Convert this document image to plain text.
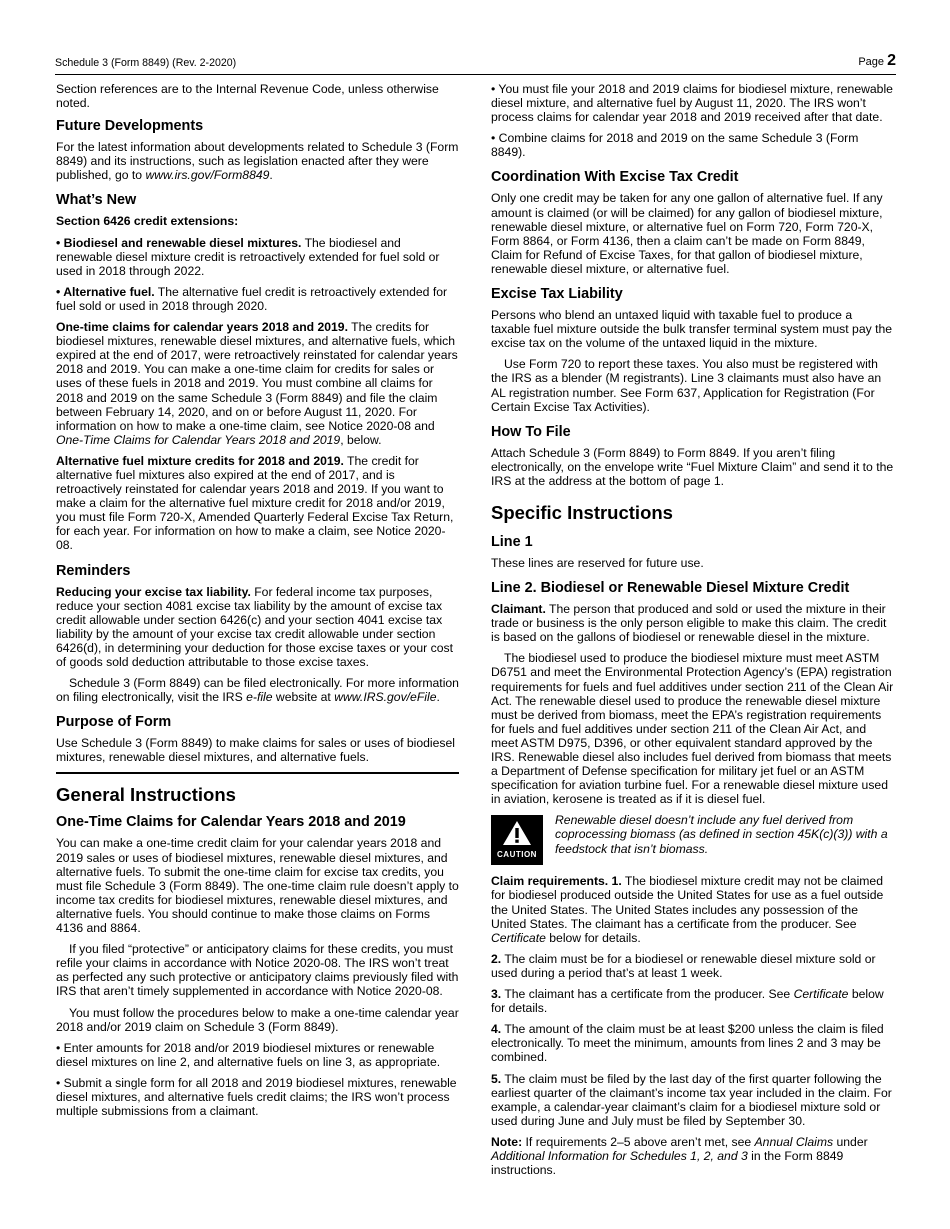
Schedule 3 (Form 8849) (Rev. 2-2020)	Page 2

Section references are to the Internal Revenue Code, unless otherwise noted.

Future Developments

For the latest information about developments related to Schedule 3 (Form 8849) and its instructions, such as legislation enacted after they were published, go to www.irs.gov/Form8849.

What’s New

Section 6426 credit extensions:

• Biodiesel and renewable diesel mixtures. The biodiesel and renewable diesel mixture credit is retroactively extended for fuel sold or used in 2018 through 2022.

• Alternative fuel. The alternative fuel credit is retroactively extended for fuel sold or used in 2018 through 2020.

One-time claims for calendar years 2018 and 2019. The credits for biodiesel mixtures, renewable diesel mixtures, and alternative fuels, which expired at the end of 2017, were retroactively reinstated for calendar years 2018 and 2019. You can make a one-time claim for credits for sales or uses of these fuels in 2018 and 2019. You must combine all claims for 2018 and 2019 on the same Schedule 3 (Form 8849) and file the claim between February 14, 2020, and on or before August 11, 2020. For information on how to make a one-time claim, see Notice 2020-08 and One-Time Claims for Calendar Years 2018 and 2019, below.

Alternative fuel mixture credits for 2018 and 2019. The credit for alternative fuel mixtures also expired at the end of 2017, and is retroactively reinstated for calendar years 2018 and 2019. If you want to make a claim for the alternative fuel mixture credit for 2018 and/or 2019, you must file Form 720-X, Amended Quarterly Federal Excise Tax Return, for each year. For information on how to make a claim, see Notice 2020-08.

Reminders

Reducing your excise tax liability. For federal income tax purposes, reduce your section 4081 excise tax liability by the amount of excise tax credit allowable under section 6426(c) and your section 4041 excise tax liability by the amount of your excise tax credit allowable under section 6426(d), in determining your deduction for those excise taxes or your cost of goods sold deduction attributable to those excise taxes.

Schedule 3 (Form 8849) can be filed electronically. For more information on filing electronically, visit the IRS e-file website at www.IRS.gov/eFile.

Purpose of Form

Use Schedule 3 (Form 8849) to make claims for sales or uses of biodiesel mixtures, renewable diesel mixtures, and alternative fuels.

General Instructions
One-Time Claims for Calendar Years 2018 and 2019

You can make a one-time credit claim for your calendar years 2018 and 2019 sales or uses of biodiesel mixtures, renewable diesel mixtures, and alternative fuels. To submit the one-time claim for excise tax credits, you must file Schedule 3 (Form 8849). The one-time claim rule doesn’t apply to income tax credits for biodiesel mixtures, renewable diesel mixtures, and alternative fuels. You should continue to make those claims on Forms 4136 and 8864.

If you filed “protective” or anticipatory claims for these credits, you must refile your claims in accordance with Notice 2020-08. The IRS won’t treat as perfected any such protective or anticipatory claims previously filed with IRS that aren’t timely supplemented in accordance with Notice 2020-08.

You must follow the procedures below to make a one-time calendar year 2018 and/or 2019 claim on Schedule 3 (Form 8849).

• Enter amounts for 2018 and/or 2019 biodiesel mixtures or renewable diesel mixtures on line 2, and alternative fuels on line 3, as appropriate.

• Submit a single form for all 2018 and 2019 biodiesel mixtures, renewable diesel mixtures, and alternative fuels credit claims; the IRS won’t process multiple submissions from a claimant.

• You must file your 2018 and 2019 claims for biodiesel mixture, renewable diesel mixture, and alternative fuel by August 11, 2020. The IRS won’t process claims for calendar year 2018 and 2019 received after that date.

• Combine claims for 2018 and 2019 on the same Schedule 3 (Form 8849).

Coordination With Excise Tax Credit

Only one credit may be taken for any one gallon of alternative fuel. If any amount is claimed (or will be claimed) for any gallon of biodiesel mixture, renewable diesel mixture, or alternative fuel on Form 720, Form 720-X, Form 8864, or Form 4136, then a claim can’t be made on Form 8849, Claim for Refund of Excise Taxes, for that gallon of biodiesel mixture, renewable diesel mixture, or alternative fuel.

Excise Tax Liability

Persons who blend an untaxed liquid with taxable fuel to produce a taxable fuel mixture outside the bulk transfer terminal system must pay the excise tax on the volume of the untaxed liquid in the mixture.

Use Form 720 to report these taxes. You also must be registered with the IRS as a blender (M registrants). Line 3 claimants must also have an AL registration number. See Form 637, Application for Registration (For Certain Excise Tax Activities).

How To File

Attach Schedule 3 (Form 8849) to Form 8849. If you aren’t filing electronically, on the envelope write “Fuel Mixture Claim” and send it to the IRS at the address at the bottom of page 1.

Specific Instructions
Line 1

These lines are reserved for future use.

Line 2. Biodiesel or Renewable Diesel Mixture Credit

Claimant. The person that produced and sold or used the mixture in their trade or business is the only person eligible to make this claim. The credit is based on the gallons of biodiesel or renewable diesel in the mixture.

The biodiesel used to produce the biodiesel mixture must meet ASTM D6751 and meet the Environmental Protection Agency’s (EPA) registration requirements for fuels and fuel additives under section 211 of the Clean Air Act. The renewable diesel used to produce the renewable diesel mixture must be derived from biomass, meet the EPA’s registration requirements for fuels and fuel additives under section 211 of the Clean Air Act, and meet ASTM D975, D396, or other equivalent standard approved by the IRS. Renewable diesel also includes fuel derived from biomass that meets a Department of Defense specification for military jet fuel or an ASTM specification for aviation turbine fuel. For a renewable diesel mixture used in aviation, kerosene is treated as if it is diesel fuel.

CAUTION
Renewable diesel doesn’t include any fuel derived from coprocessing biomass (as defined in section 45K(c)(3)) with a feedstock that isn’t biomass.

Claim requirements. 1. The biodiesel mixture credit may not be claimed for biodiesel produced outside the United States for use as a fuel outside the United States. The United States includes any possession of the United States. The claimant has a certificate from the producer. See Certificate below for details.

2. The claim must be for a biodiesel or renewable diesel mixture sold or used during a period that’s at least 1 week.

3. The claimant has a certificate from the producer. See Certificate below for details.

4. The amount of the claim must be at least $200 unless the claim is filed electronically. To meet the minimum, amounts from lines 2 and 3 may be combined.

5. The claim must be filed by the last day of the first quarter following the earliest quarter of the claimant’s income tax year included in the claim. For example, a calendar-year claimant’s claim for a biodiesel mixture sold or used during June and July must be filed by September 30.

Note: If requirements 2–5 above aren’t met, see Annual Claims under Additional Information for Schedules 1, 2, and 3 in the Form 8849 instructions.
